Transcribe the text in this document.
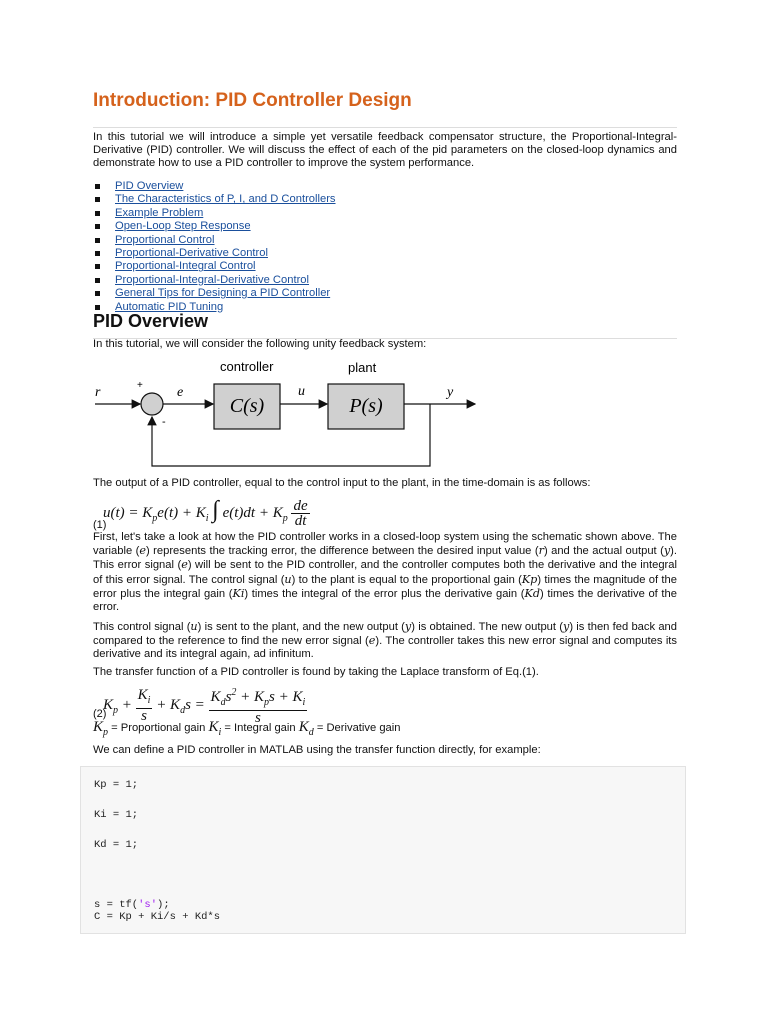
Introduction: PID Controller Design
In this tutorial we will introduce a simple yet versatile feedback compensator structure, the Proportional-Integral-Derivative (PID) controller. We will discuss the effect of each of the pid parameters on the closed-loop dynamics and demonstrate how to use a PID controller to improve the system performance.
PID Overview
The Characteristics of P, I, and D Controllers
Example Problem
Open-Loop Step Response
Proportional Control
Proportional-Derivative Control
Proportional-Integral Control
Proportional-Integral-Derivative Control
General Tips for Designing a PID Controller
Automatic PID Tuning
PID Overview
In this tutorial, we will consider the following unity feedback system:
controller	plant
r	+
-
e	u	y
C(s)	P(s)
The output of a PID controller, equal to the control input to the plant, in the time-domain is as follows:
(1)
$u(t) = K_pe(t) + K_i$ ∫ $e(t)dt + K_p \frac{de}{dt}$
First, let's take a look at how the PID controller works in a closed-loop system using the schematic shown above. The variable (e) represents the tracking error, the difference between the desired input value (r) and the actual output (y). This error signal (e) will be sent to the PID controller, and the controller computes both the derivative and the integral of this error signal. The control signal (u) to the plant is equal to the proportional gain (Kp) times the magnitude of the error plus the integral gain (Ki) times the integral of the error plus the derivative gain (Kd) times the derivative of the error.
This control signal (u) is sent to the plant, and the new output (y) is obtained. The new output (y) is then fed back and compared to the reference to find the new error signal (e). The controller takes this new error signal and computes its derivative and its integral again, ad infinitum.
The transfer function of a PID controller is found by taking the Laplace transform of Eq.(1).
(2)
$K_p + \frac{K_i}{s} + K_ds = \frac{K_ds^2 + K_ps + K_i}{s}$
$K_p$ = Proportional gain $K_i$ = Integral gain $K_d$ = Derivative gain
We can define a PID controller in MATLAB using the transfer function directly, for example:
Kp = 1;
Ki = 1;
Kd = 1;
s = tf('s');
C = Kp + Ki/s + Kd*s
